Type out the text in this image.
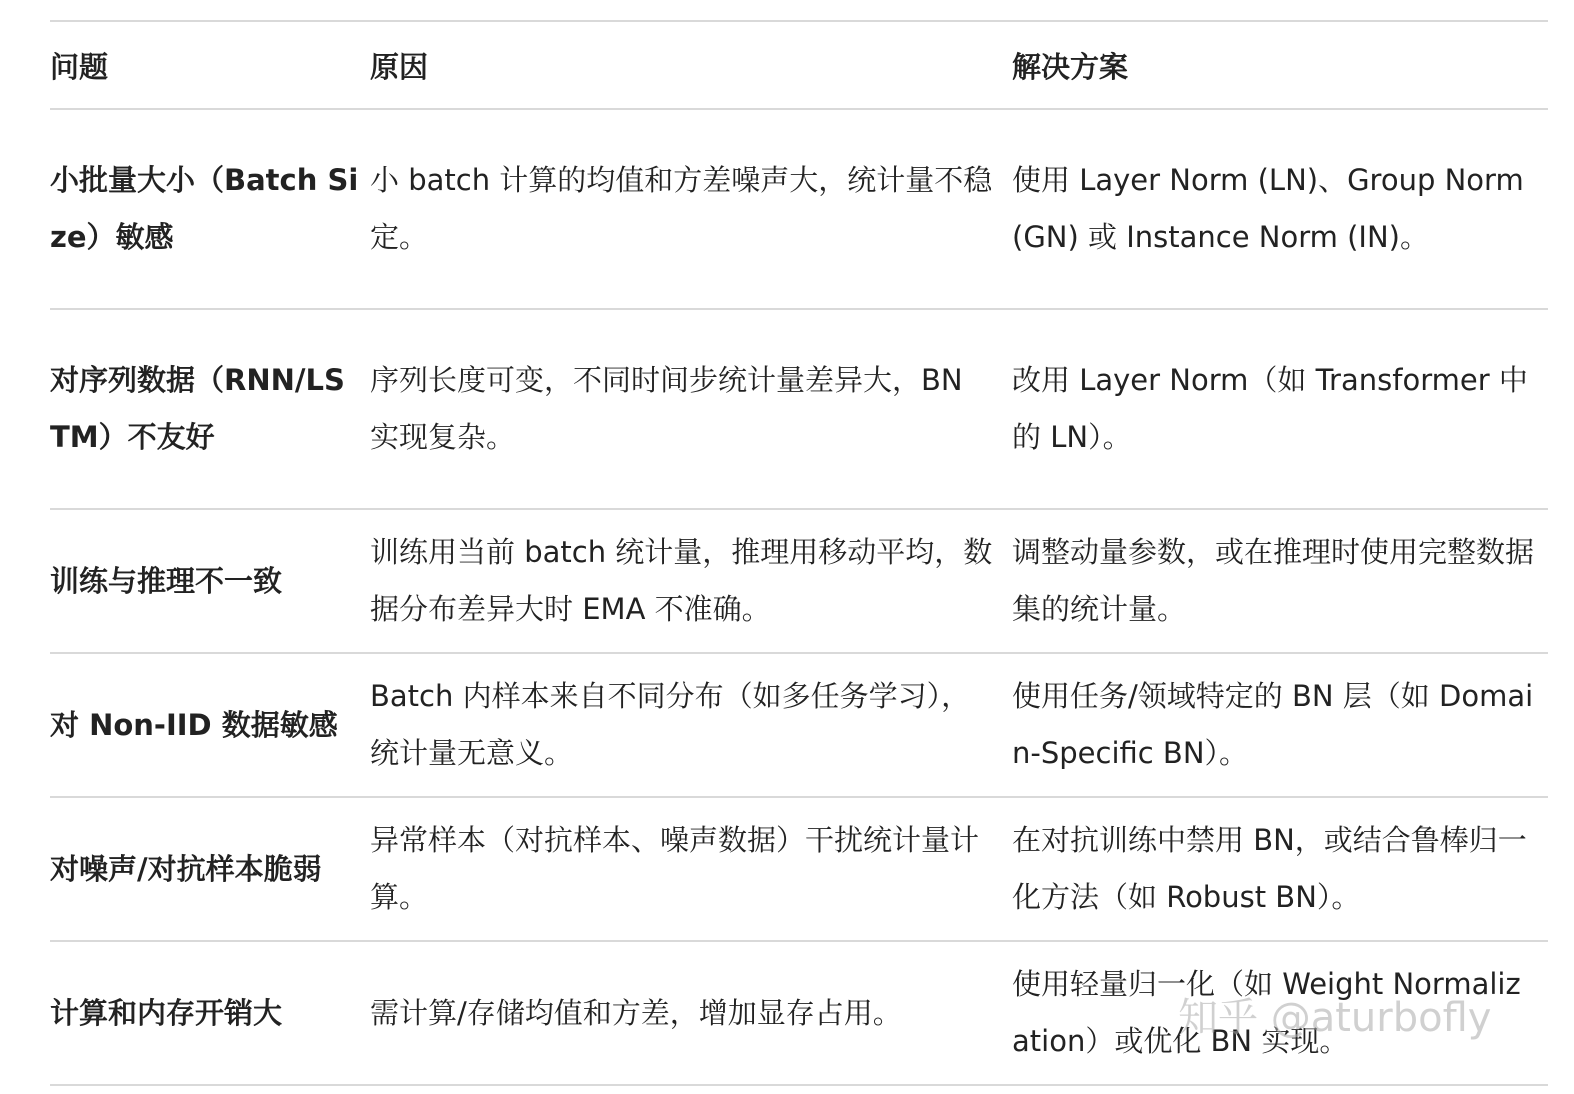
问题	原因	解决方案
小批量大小（Batch Size）敏感	小 batch 计算的均值和方差噪声大，统计量不稳定。	使用 Layer Norm (LN)、Group Norm (GN) 或 Instance Norm (IN)。
对序列数据（RNN/LSTM）不友好	序列长度可变，不同时间步统计量差异大，BN 实现复杂。	改用 Layer Norm（如 Transformer 中的 LN）。
训练与推理不一致	训练用当前 batch 统计量，推理用移动平均，数据分布差异大时 EMA 不准确。	调整动量参数，或在推理时使用完整数据集的统计量。
对 Non-IID 数据敏感	Batch 内样本来自不同分布（如多任务学习），统计量无意义。	使用任务/领域特定的 BN 层（如 Domain-Specific BN）。
对噪声/对抗样本脆弱	异常样本（对抗样本、噪声数据）干扰统计量计算。	在对抗训练中禁用 BN，或结合鲁棒归一化方法（如 Robust BN）。
计算和内存开销大	需计算/存储均值和方差，增加显存占用。	使用轻量归一化（如 Weight Normalization）或优化 BN 实现。
知乎 @aturbofly
